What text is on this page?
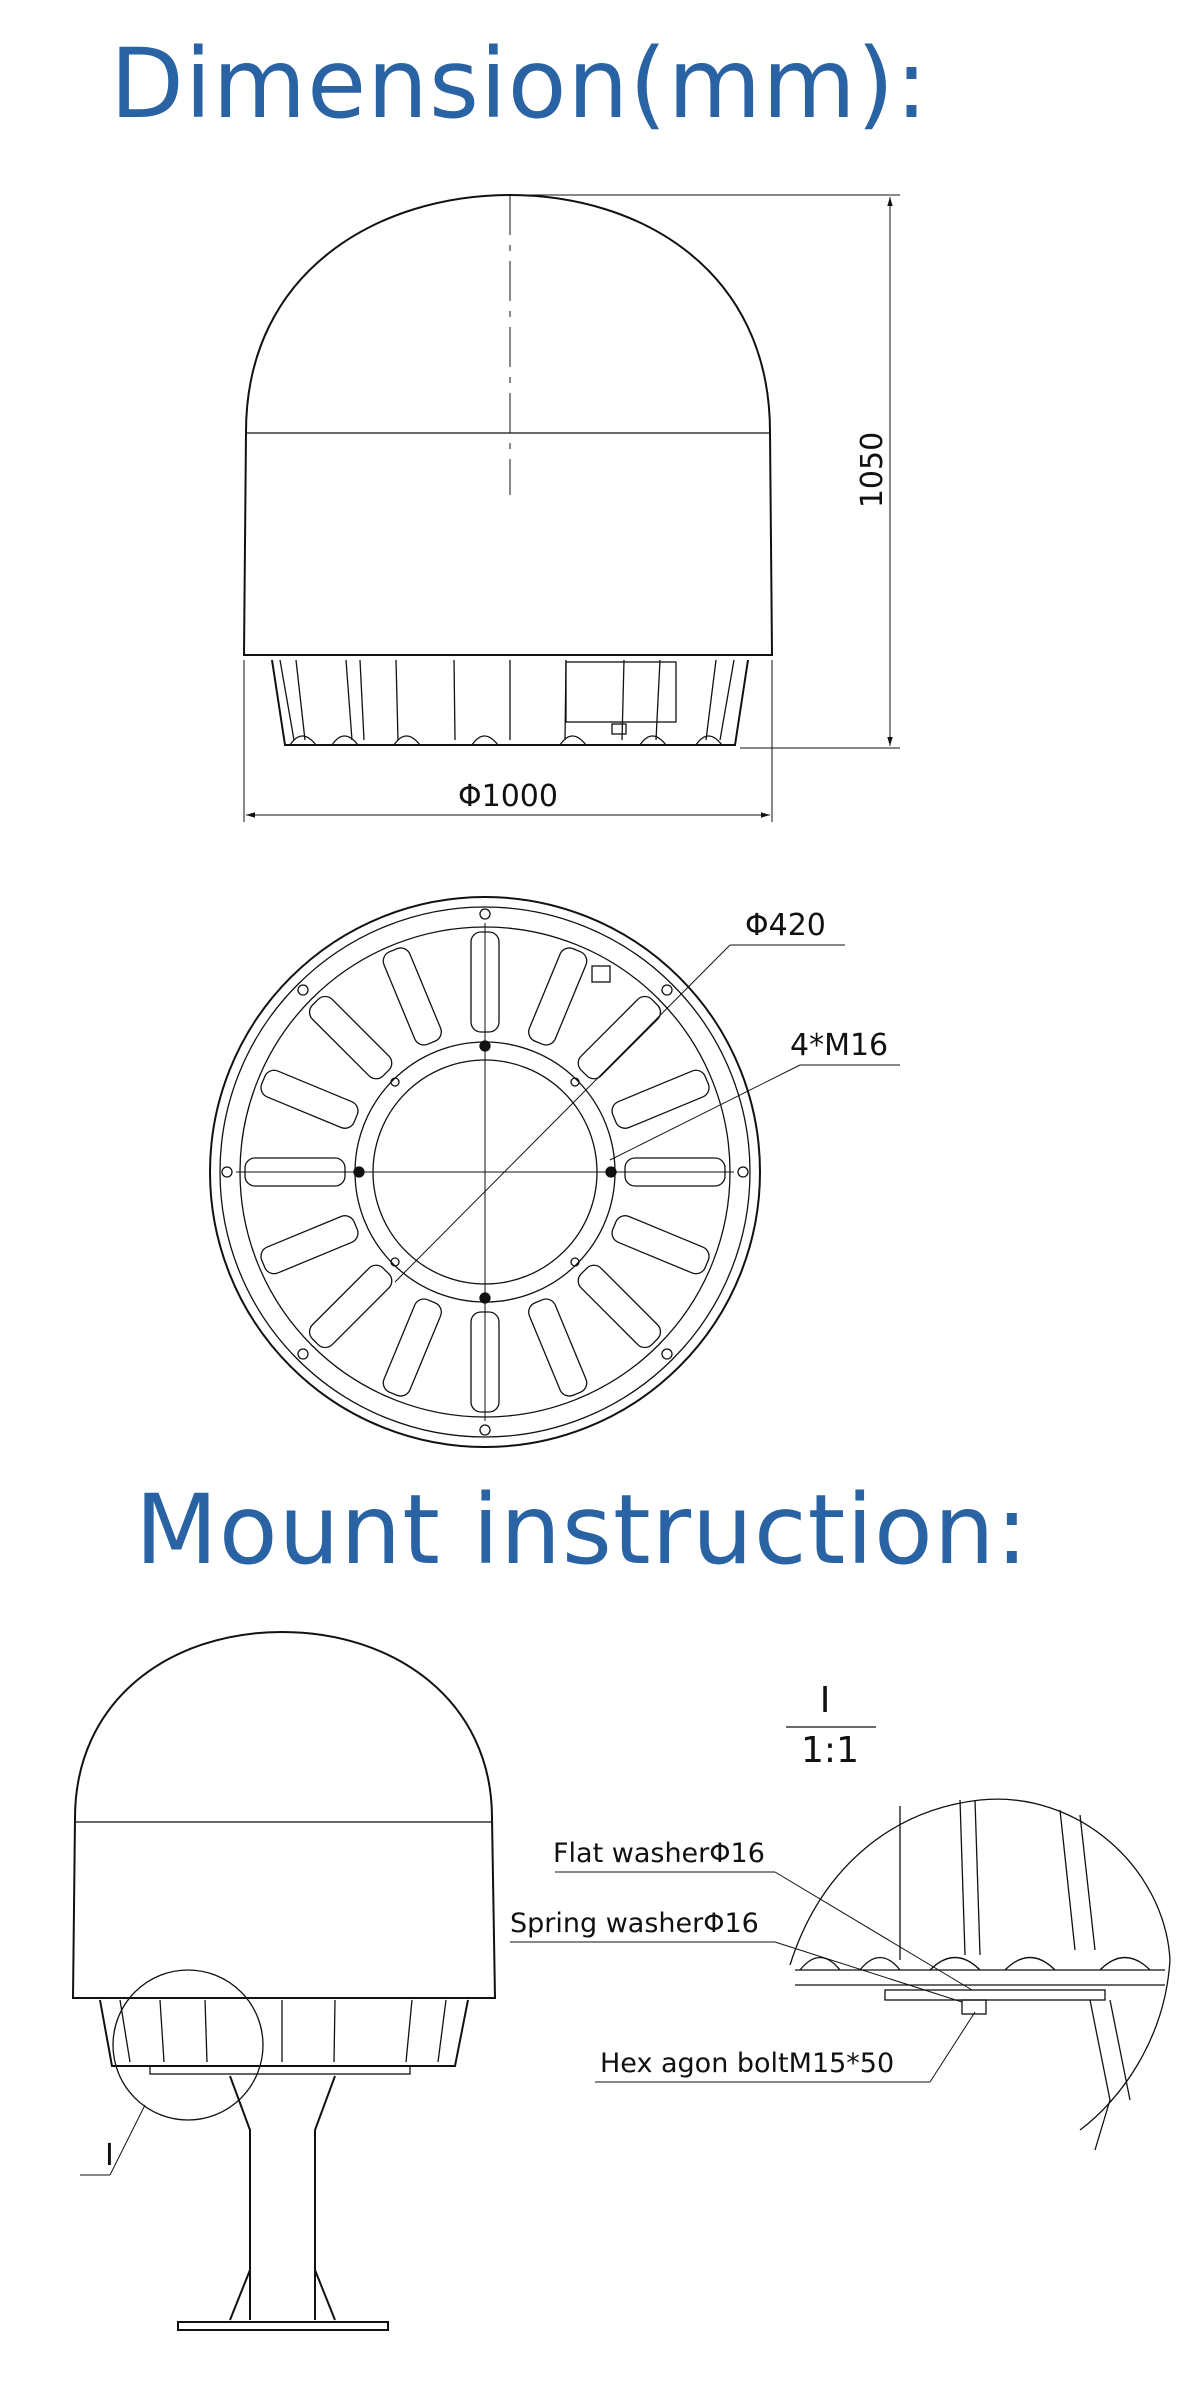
Dimension(mm):
Mount instruction:
1050
Φ1000
Φ420
4*M16
I
I
1:1
Flat washerΦ16
Spring washerΦ16
Hex agon boltM15*50
